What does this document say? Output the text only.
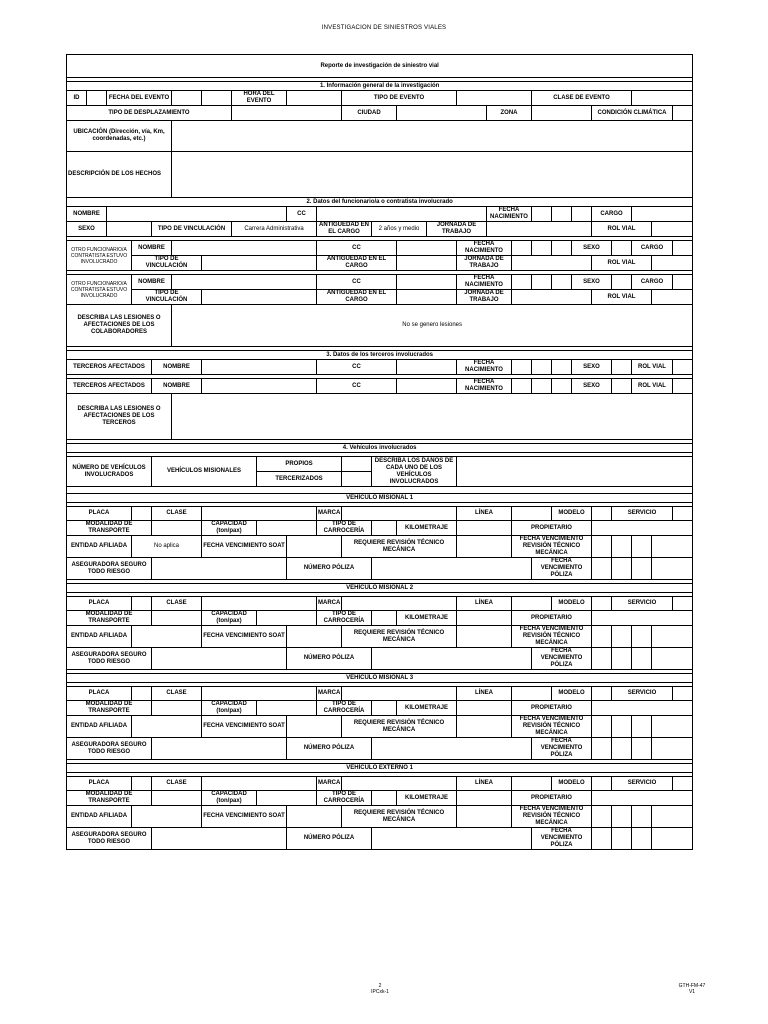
INVESTIGACION DE SINIESTROS VIALES
Reporte de investigación de siniestro vial																									

1. Información general de la investigación																									
ID		FECHA DEL EVENTO					HORA DEL EVENTO				TIPO DE EVENTO							CLASE DE EVENTO							
TIPO DE DESPLAZAMIENTO											CIUDAD					ZONA					CONDICIÓN CLIMÁTICA				
UBICACIÓN (Dirección, vía, Km, coordenadas, etc.)																									
DESCRIPCIÓN DE LOS HECHOS																									
2. Datos del funcionario/a o contratista involucrado																									
NOMBRE									CC							FECHA NACIMIENTO					CARGO				
SEXO				TIPO DE VINCULACIÓN			Carrera Administrativa			ANTIGÜEDAD EN EL CARGO		2 años y medio		JORNADA DE TRABAJO							ROL VIAL				

OTRO FUNCIONARIO/A CONTRATISTA ESTUVO INVOLUCRADO			NOMBRE							CC					FECHA NACIMIENTO					SEXO			CARGO		
			TIPO DE VINCULACIÓN							ANTIGUEDAD EN EL CARGO					JORNADA DE TRABAJO						ROL VIAL				

OTRO FUNCIONARIO/A CONTRATISTA ESTUVO INVOLUCRADO			NOMBRE							CC					FECHA NACIMIENTO					SEXO			CARGO		
			TIPO DE VINCULACIÓN							ANTIGUEDAD EN EL CARGO					JORNADA DE TRABAJO						ROL VIAL				
DESCRIBA LAS LESIONES O AFECTACIONES DE LOS COLABORADORES					No se genero lesiones																				

3. Datos de los terceros involucrados																									
TERCEROS AFECTADOS				NOMBRE						CC					FECHA NACIMIENTO					SEXO			ROL VIAL		

TERCEROS AFECTADOS				NOMBRE						CC					FECHA NACIMIENTO					SEXO			ROL VIAL		
DESCRIBA LAS LESIONES O AFECTACIONES DE LOS TERCEROS																									

4. Vehículos involucrados																									

NÚMERO DE VEHÍCULOS INVOLUCRADOS				VEHÍCULOS MISIONALES				PROPIOS				DESCRIBA LOS DAÑOS DE CADA UNO DE LOS VEHÍCULOS INVOLUCRADOS													
								TERCERIZADOS																	

VEHÍCULO MISIONAL 1																		

PLACA		CLASE				MARCA				LÍNEA			MODELO		SERVICIO			
MODALIDAD DE TRANSPORTE			CAPACIDAD (ton/pax)			TIPO DE CARROCERÍA			KILOMETRAJE		PROPIETARIO							
ENTIDAD AFILIADA	No aplica		FECHA VENCIMIENTO SOAT				REQUIERE REVISIÓN TÉCNICO MECÁNICA				FECHA VENCIMIENTO REVISIÓN TÉCNICO MECÁNICA							
ASEGURADORA SEGURO TODO RIESGO					NÚMERO PÓLIZA							FECHA VENCIMIENTO PÓLIZA						

VEHÍCULO MISIONAL 2																		

PLACA		CLASE				MARCA				LÍNEA			MODELO		SERVICIO			
MODALIDAD DE TRANSPORTE			CAPACIDAD (ton/pax)			TIPO DE CARROCERÍA			KILOMETRAJE		PROPIETARIO							
ENTIDAD AFILIADA			FECHA VENCIMIENTO SOAT				REQUIERE REVISIÓN TÉCNICO MECÁNICA				FECHA VENCIMIENTO REVISIÓN TÉCNICO MECÁNICA							
ASEGURADORA SEGURO TODO RIESGO					NÚMERO PÓLIZA							FECHA VENCIMIENTO PÓLIZA						

VEHÍCULO MISIONAL 3																		

PLACA		CLASE				MARCA				LÍNEA			MODELO		SERVICIO			
MODALIDAD DE TRANSPORTE			CAPACIDAD (ton/pax)			TIPO DE CARROCERÍA			KILOMETRAJE		PROPIETARIO							
ENTIDAD AFILIADA			FECHA VENCIMIENTO SOAT				REQUIERE REVISIÓN TÉCNICO MECÁNICA				FECHA VENCIMIENTO REVISIÓN TÉCNICO MECÁNICA							
ASEGURADORA SEGURO TODO RIESGO					NÚMERO PÓLIZA							FECHA VENCIMIENTO PÓLIZA						

VEHÍCULO EXTERNO 1																		

PLACA		CLASE				MARCA				LÍNEA			MODELO		SERVICIO			
MODALIDAD DE TRANSPORTE			CAPACIDAD (ton/pax)			TIPO DE CARROCERÍA			KILOMETRAJE		PROPIETARIO							
ENTIDAD AFILIADA			FECHA VENCIMIENTO SOAT				REQUIERE REVISIÓN TÉCNICO MECÁNICA				FECHA VENCIMIENTO REVISIÓN TÉCNICO MECÁNICA							
ASEGURADORA SEGURO TODO RIESGO					NÚMERO PÓLIZA							FECHA VENCIMIENTO PÓLIZA						
2
IPCxk-1
GTH-FM-47
V1
